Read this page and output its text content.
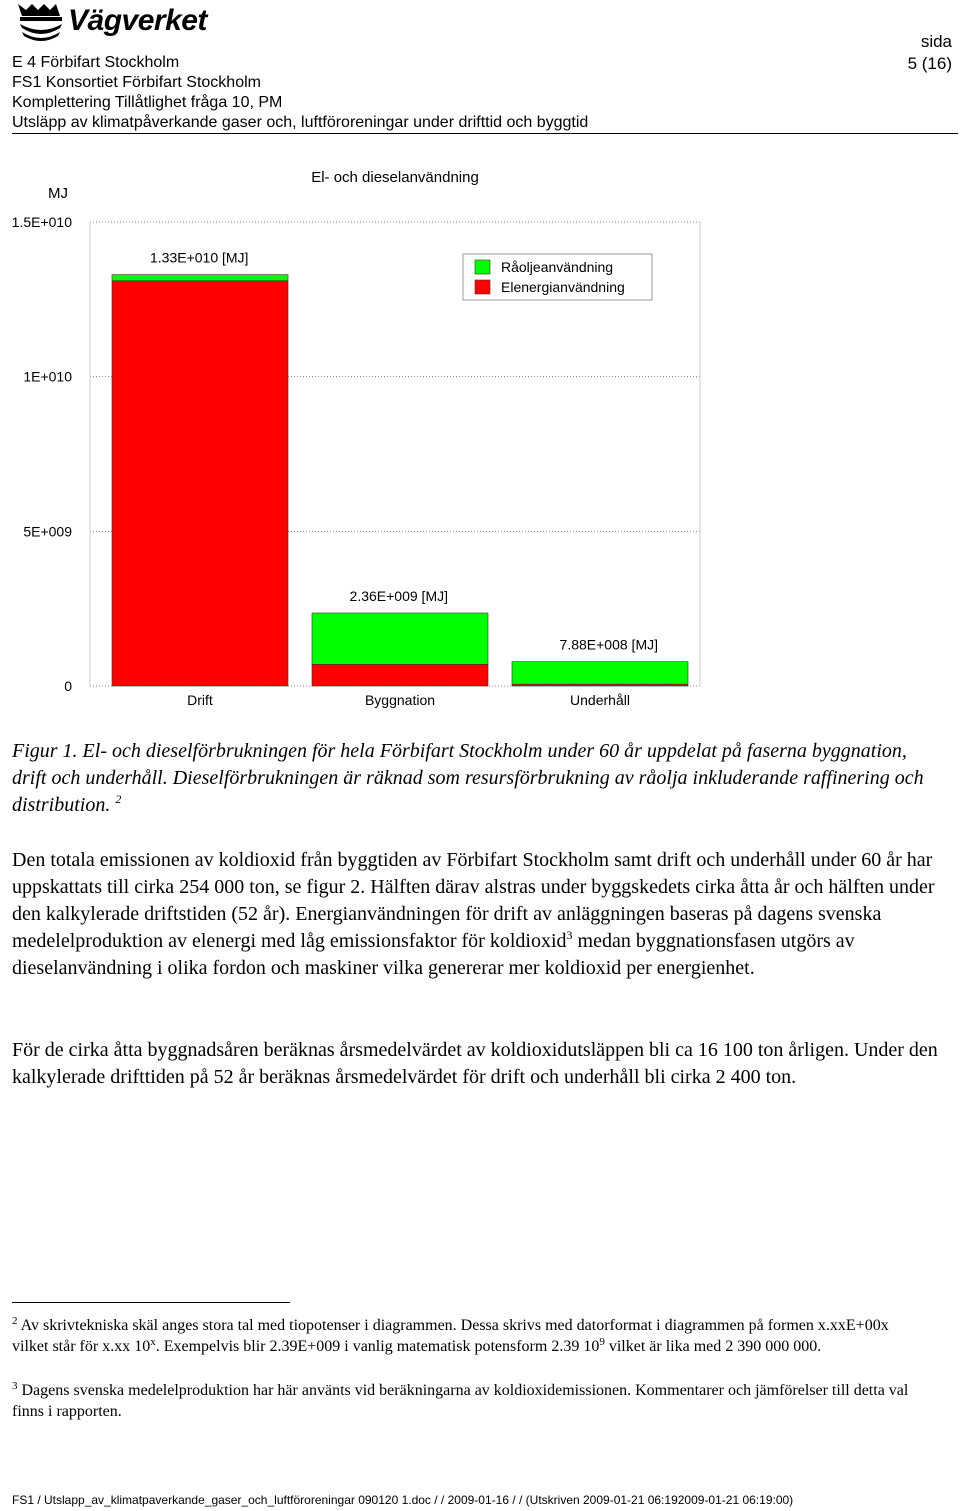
Vägverket
E 4 Förbifart Stockholm
FS1 Konsortiet Förbifart Stockholm
Komplettering Tillåtlighet fråga 10, PM
Utsläpp av klimatpåverkande gaser och, luftföroreningar under drifttid och byggtid
sida
5 (16)
El- och dieselanvändning
MJ
0
5E+009
1E+010
1.5E+010
1.33E+010 [MJ]
Drift
2.36E+009 [MJ]
Byggnation
7.88E+008 [MJ]
Underhåll
Råoljeanvändning
Elenergianvändning
Figur 1. El- och dieselförbrukningen för hela Förbifart Stockholm under 60 år uppdelat på faserna byggnation, drift och underhåll. Dieselförbrukningen är räknad som resursförbrukning av råolja inkluderande raffinering och distribution. $^2$
Den totala emissionen av koldioxid från byggtiden av Förbifart Stockholm samt drift och underhåll under 60 år har uppskattats till cirka 254 000 ton, se figur 2. Hälften därav alstras under byggskedets cirka åtta år och hälften under den kalkylerade driftstiden (52 år). Energianvändningen för drift av anläggningen baseras på dagens svenska medelelproduktion av elenergi med låg emissionsfaktor för koldioxid$^3$ medan byggnationsfasen utgörs av dieselanvändning i olika fordon och maskiner vilka genererar mer koldioxid per energienhet.
För de cirka åtta byggnadsåren beräknas årsmedelvärdet av koldioxidutsläppen bli ca 16 100 ton årligen. Under den kalkylerade drifttiden på 52 år beräknas årsmedelvärdet för drift och underhåll bli cirka 2 400 ton.
$^2$ Av skrivtekniska skäl anges stora tal med tiopotenser i diagrammen. Dessa skrivs med datorformat i diagrammen på formen x.xxE+00x vilket står för x.xx 10$^x$. Exempelvis blir 2.39E+009 i vanlig matematisk potensform 2.39 $10^9$ vilket är lika med 2 390 000 000.
$^3$ Dagens svenska medelelproduktion har här använts vid beräkningarna av koldioxidemissionen. Kommentarer och jämförelser till detta val finns i rapporten.
FS1 / Utslapp_av_klimatpaverkande_gaser_och_luftföroreningar 090120 1.doc / / 2009-01-16 / / (Utskriven 2009-01-21 06:192009-01-21 06:19:00)
